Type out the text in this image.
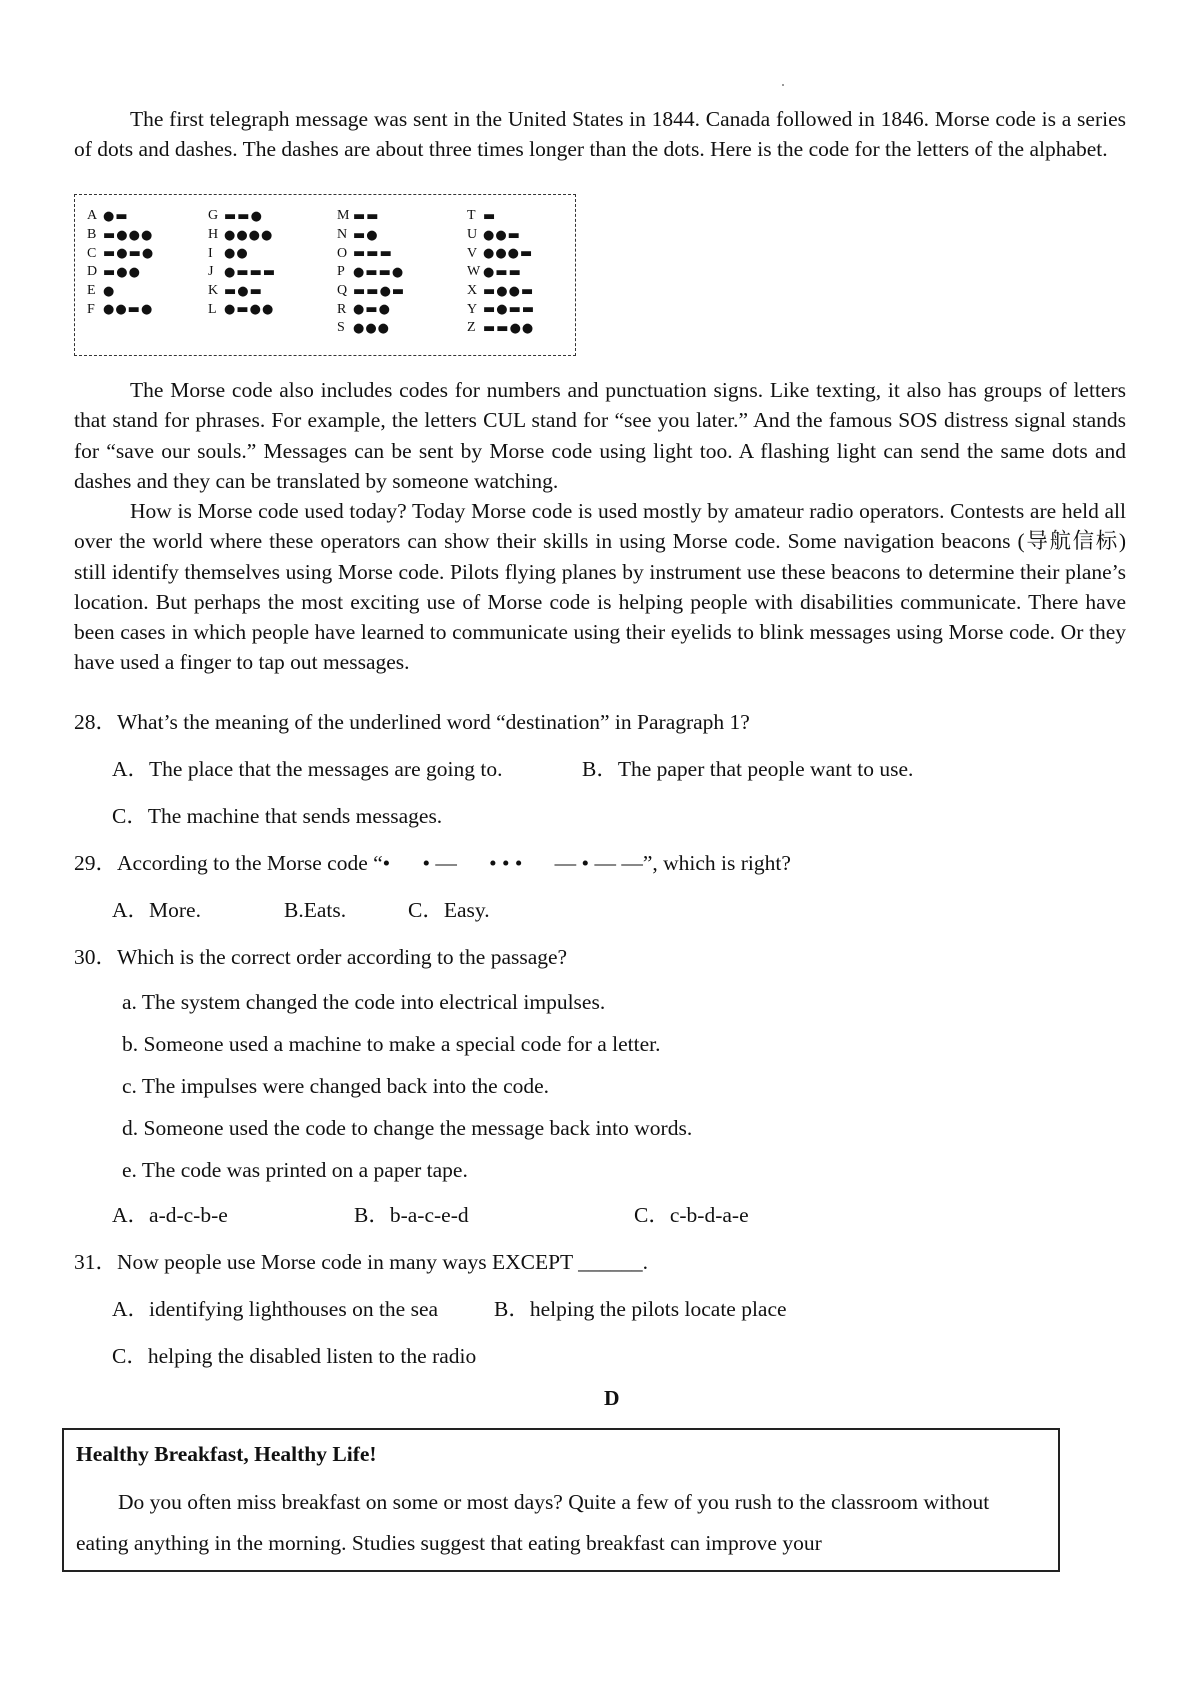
The first telegraph message was sent in the United States in 1844. Canada followed in 1846. Morse code is a series of dots and dashes. The dashes are about three times longer than the dots. Here is the code for the letters of the alphabet.

A ●▬
B ▬●●●
C ▬●▬●
D ▬●●
E ●
F ●●▬●
G ▬▬●
H ●●●●
I ●●
J ●▬▬▬
K ▬●▬
L ●▬●●
M ▬▬
N ▬●
O ▬▬▬
P ●▬▬●
Q ▬▬●▬
R ●▬●
S ●●●
T ▬
U ●●▬
V ●●●▬
W ●▬▬
X ▬●●▬
Y ▬●▬▬
Z ▬▬●●

The Morse code also includes codes for numbers and punctuation signs. Like texting, it also has groups of letters that stand for phrases. For example, the letters CUL stand for “see you later.” And the famous SOS distress signal stands for “save our souls.” Messages can be sent by Morse code using light too. A flashing light can send the same dots and dashes and they can be translated by someone watching.

How is Morse code used today? Today Morse code is used mostly by amateur radio operators. Contests are held all over the world where these operators can show their skills in using Morse code. Some navigation beacons (导航信标) still identify themselves using Morse code. Pilots flying planes by instrument use these beacons to determine their plane’s location. But perhaps the most exciting use of Morse code is helping people with disabilities communicate. There have been cases in which people have learned to communicate using their eyelids to blink messages using Morse code. Or they have used a finger to tap out messages.

28．What’s the meaning of the underlined word “destination” in Paragraph 1?

A．The place that the messages are going to.	B．The paper that people want to use.

C．The machine that sends messages.

29．According to the Morse code “•      • —      • • •      — • — —”, which is right?

A．More.	B.Eats.	C．Easy.

30．Which is the correct order according to the passage?

a. The system changed the code into electrical impulses.

b. Someone used a machine to make a special code for a letter.

c. The impulses were changed back into the code.

d. Someone used the code to change the message back into words.

e. The code was printed on a paper tape.

A．a-d-c-b-e	B．b-a-c-e-d	C．c-b-d-a-e

31．Now people use Morse code in many ways EXCEPT ______.

A．identifying lighthouses on the sea	B．helping the pilots locate place

C．helping the disabled listen to the radio

D
Healthy Breakfast, Healthy Life!

Do you often miss breakfast on some or most days? Quite a few of you rush to the classroom without eating anything in the morning. Studies suggest that eating breakfast can improve your
